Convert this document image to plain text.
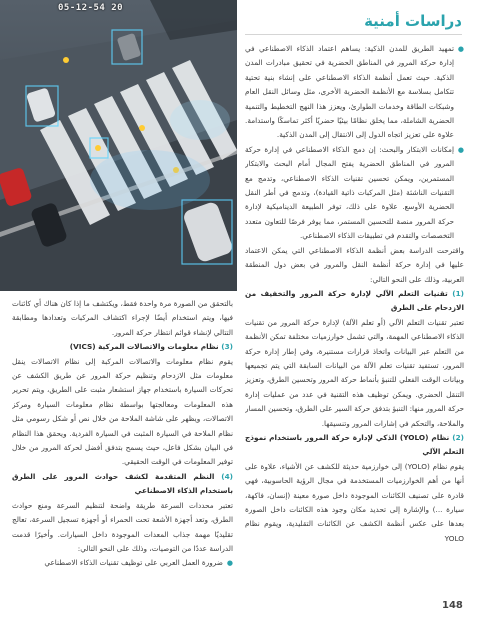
05-12-54 20
دراسات أمنية
●

تمهيد الطريق للمدن الذكية: يساهم اعتماد الذكاء الاصطناعي في إدارة حركة المرور في المناطق الحضرية في تحقيق مبادرات المدن الذكية. حيث تعمل أنظمة الذكاء الاصطناعي على إنشاء بنية تحتية تتكامل بسلاسة مع الأنظمة الحضرية الأخرى، مثل وسائل النقل العام وشبكات الطاقة وخدمات الطوارئ، ويعزز هذا النهج التخطيط والتنمية الحضرية الشاملة، مما يخلق نظامًا بيئيًا حضريًا أكثر تماسكًا واستدامة. علاوة على تعزيز اتجاه الدول إلى الانتقال إلى المدن الذكية.

●

إمكانات الابتكار والبحث: إن دمج الذكاء الاصطناعي في إدارة حركة المرور في المناطق الحضرية يفتح المجال أمام البحث والابتكار المستمرين، ويمكن تحسين تقنيات الذكاء الاصطناعي، وتدمج مع التقنيات الناشئة (مثل المركبات ذاتية القيادة)، وتدمج في أطر النقل الحضرية الأوسع. علاوة على ذلك، توفر الطبيعة الديناميكية لإدارة حركة المرور منصة للتحسين المستمر، مما يوفر فرصًا للتعاون متعدد التخصصات والتقدم في تطبيقات الذكاء الاصطناعي.

واقترحت الدراسة بعض أنظمة الذكاء الاصطناعي التي يمكن الاعتماد عليها في إدارة حركة أنظمة النقل والمرور في بعض دول المنطقة العربية، وذلك على النحو التالي:

(1) تقنيات التعلم الآلي لإدارة حركة المرور والتخفيف من الازدحام على الطرق

تعتبر تقنيات التعلم الآلي (أو تعلم الآلة) لإدارة حركة المرور من تقنيات الذكاء الاصطناعي المهمة، والتي تشمل خوارزميات مختلفة تمكن الأنظمة من التعلم عبر البيانات واتخاذ قرارات مستنيرة، وفي إطار إدارة حركة المرور، تستفيد تقنيات تعلم الآلة من البيانات السابقة التي يتم تجميعها وبيانات الوقت الفعلي للتنبؤ بأنماط حركة المرور وتحسين الطرق، وتعزيز التنقل الحضري. ويمكن توظيف هذه التقنية في عدد من عمليات إدارة حركة المرور منها: التنبؤ بتدفق حركة السير على الطرق، وتحسين المسار والملاحة، والتحكم في إشارات المرور وتنسيقها.

(2) نظام (YOLO) الذكي لإدارة حركة المرور باستخدام نموذج التعلم الآلي

يقوم نظام (YOLO) إلى خوارزمية حديثة للكشف عن الأشياء، علاوة على أنها من أهم الخوارزميات المستخدمة في مجال الرؤية الحاسوبية، فهي قادرة على تصنيف الكائنات الموجودة داخل صورة معينة (إنسان، فاكهة، سيارة ...) والإشارة إلى تحديد مكان وجود هذه الكائنات داخل الصورة بعدها على عكس أنظمة الكشف عن الكائنات التقليدية، ويقوم نظام YOLO

بالتحقق من الصورة مرة واحدة فقط، ويكتشف ما إذا كان هناك أي كائنات فيها، ويتم استخدام أيضًا لإجراء اكتشاف المركبات وتعدادها ومطابقة التتالي لإنشاء قوائم انتظار حركة المرور.

(3) نظام معلومات والاتصالات المركبة (VICS)

يقوم نظام معلومات والاتصالات المركبة إلى نظام الاتصالات ينقل معلومات مثل الازدحام وتنظيم حركة المرور عن طريق الكشف عن تحركات السيارة باستخدام جهاز استشعار مثبت على الطريق، ويتم تحرير هذه المعلومات ومعالجتها بواسطة نظام معلومات السيارة ومركز الاتصالات، ويظهر على شاشة الملاحة من خلال نص أو شكل رسومي مثل نظام الملاحة في السيارة المثبت في السيارة الفردية. ويحقق هذا النظام في البيان بشكل فاعل، حيث يسمح بتدفق أفضل لحركة المرور من خلال توفير المعلومات في الوقت الحقيقي.

(4) النظم المتقدمة لكشف حوادث المرور على الطرق باستخدام الذكاء الاصطناعي

تعتبر محددات السرعة طريقة واضحة لتنظيم السرعة ومنع حوادث الطرق، وتعد أجهزة الأشعة تحت الحمراء أو أجهزة تسجيل السرعة، تعالج تقليديًا مهمة جذاب المعدات الموجودة داخل السيارات. وأخيرًا قدمت الدراسة عددًا من التوصيات، وذلك على النحو التالي:

●

ضرورة العمل العربي على توظيف تقنيات الذكاء الاصطناعي

148
